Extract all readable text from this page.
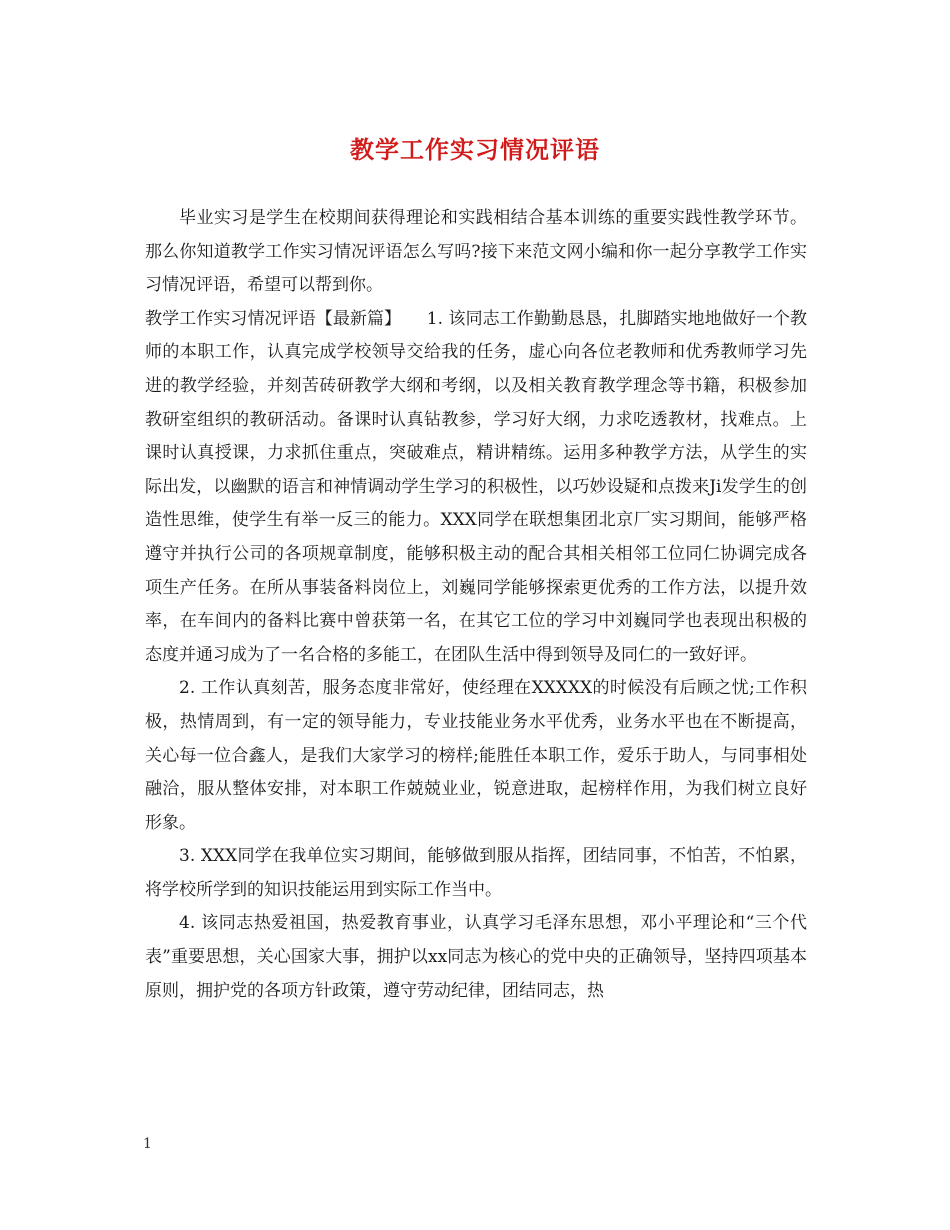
教学工作实习情况评语

毕业实习是学生在校期间获得理论和实践相结合基本训练的重要实践性教学环节。那么你知道教学工作实习情况评语怎么写吗?接下来范文网小编和你一起分享教学工作实习情况评语，希望可以帮到你。

教学工作实习情况评语【最新篇】　　 1. 该同志工作勤勤恳恳，扎脚踏实地地做好一个教师的本职工作，认真完成学校领导交给我的任务，虚心向各位老教师和优秀教师学习先进的教学经验，并刻苦砖研教学大纲和考纲，以及相关教育教学理念等书籍，积极参加教研室组织的教研活动。备课时认真钻教参，学习好大纲，力求吃透教材，找难点。上课时认真授课，力求抓住重点，突破难点，精讲精练。运用多种教学方法，从学生的实际出发，以幽默的语言和神情调动学生学习的积极性，以巧妙设疑和点拨来Ji发学生的创造性思维，使学生有举一反三的能力。XXX同学在联想集团北京厂实习期间，能够严格遵守并执行公司的各项规章制度，能够积极主动的配合其相关相邻工位同仁协调完成各项生产任务。在所从事装备料岗位上，刘巍同学能够探索更优秀的工作方法，以提升效率，在车间内的备料比赛中曾获第一名，在其它工位的学习中刘巍同学也表现出积极的态度并通习成为了一名合格的多能工，在团队生活中得到领导及同仁的一致好评。

2. 工作认真刻苦，服务态度非常好，使经理在XXXXX的时候没有后顾之忧;工作积极，热情周到，有一定的领导能力，专业技能业务水平优秀，业务水平也在不断提高，关心每一位合鑫人，是我们大家学习的榜样;能胜任本职工作，爱乐于助人，与同事相处融洽，服从整体安排，对本职工作兢兢业业，锐意进取，起榜样作用，为我们树立良好形象。

3. XXX同学在我单位实习期间，能够做到服从指挥，团结同事，不怕苦，不怕累，将学校所学到的知识技能运用到实际工作当中。

4. 该同志热爱祖国，热爱教育事业，认真学习毛泽东思想，邓小平理论和“三个代表”重要思想，关心国家大事，拥护以xx同志为核心的党中央的正确领导，坚持四项基本原则，拥护党的各项方针政策，遵守劳动纪律，团结同志，热

1
